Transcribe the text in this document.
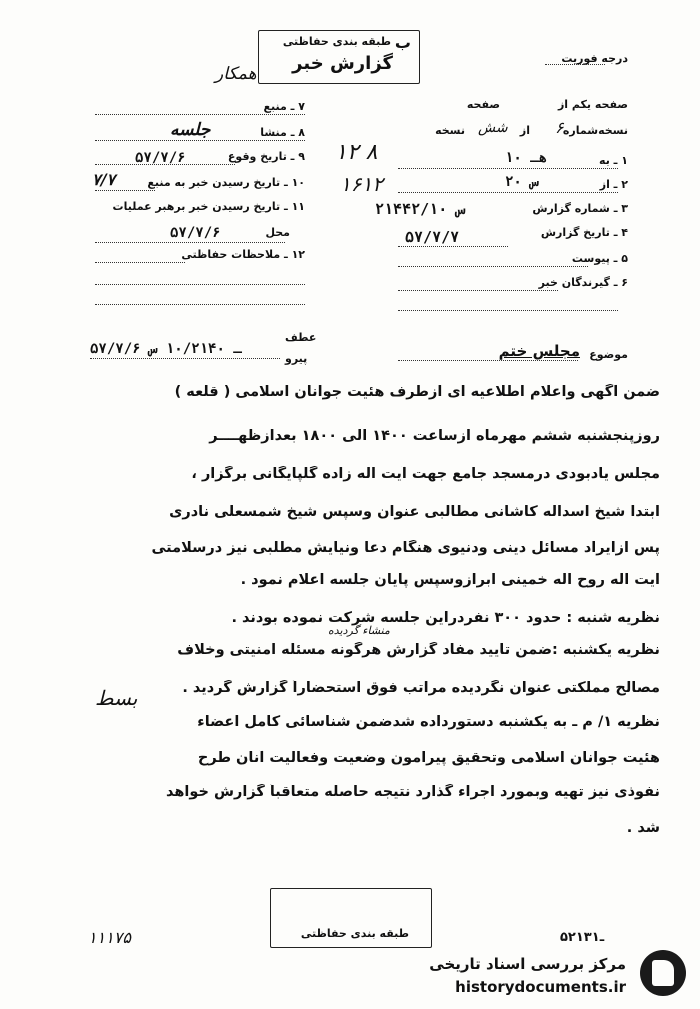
طبقه بندی حفاظتی ب
گزارش خبر
همکار
درجه فوریت
۷ ـ منبع
۸ ـ منشا
جلسه
۹ ـ تاریخ وقوع
۵۷/۷/۶
۱۰ ـ تاریخ رسیدن خبر به منبع
۷/۷
۱۱ ـ تاریخ رسیدن خبر برهبر عملیات
محل
۵۷/۷/۶
۱۲ ـ ملاحظات حفاظتی
۱۲ ۸
۱۶۱۲
صفحه یکم از
صفحه
نسخه‌شماره
۶
از
شش
نسخه
۱ ـ به
۱۰ هـ
۲ ـ از
۲۰ س
۳ ـ شماره گزارش
۲۱۴۴۲/۱۰ س
۴ ـ تاریخ گزارش
۵۷/۷/۷
۵ ـ پیوست
۶ ـ گیرندگان خبر
عطف
پیرو
۵۷/۷/۶ ـ ۱۰/۲۱۴۰ س	موضوع
مجلس ختم
ضمن آگهی واعلام اطلاعیه ای ازطرف هئیت جوانان اسلامی ( قلعه )
روزپنجشنبه ششم مهرماه ازساعت ۱۴۰۰ الی ۱۸۰۰ بعدازظهــــر
مجلس یادبودی درمسجد جامع جهت آیت اله زاده گلپایگانی برگزار ،
ابتدا شیخ اسداله کاشانی مطالبی عنوان وسپس شیخ شمسعلی نادری
پس ازایراد مسائل دینی ودنیوی هنگام دعا ونیایش مطلبی نیز درسلامتی
آیت اله روح اله خمینی ابرازوسپس پایان جلسه اعلام نمود .
نظریه شنبه : حدود ۳۰۰ نفردراین جلسه شرکت نموده بودند .
نظریه یکشنبه :ضمن تایید مفاد گزارش هرگونه مسئله امنیتی وخلاف
مصالح مملکتی عنوان نگردیده مراتب فوق استحضاراً گزارش گردید .
نظریه ۱/ م ـ به یکشنبه دستورداده شدضمن شناسائی کامل اعضاء
هئیت جوانان اسلامی وتحقیق پیرامون وضعیت وفعالیت آنان طرح
نفوذی نیز تهیه وبمورد اجراء گذارد نتیجه حاصله متعاقباً گزارش خواهد
شد .
منشاء گردیده
ﺑﺴﻂ
طبقه بندی حفاظتی	۵۲ـ۱۳۱
۱۱۱۷۵
مرکز بررسی اسناد تاریخی
historydocuments.ir
